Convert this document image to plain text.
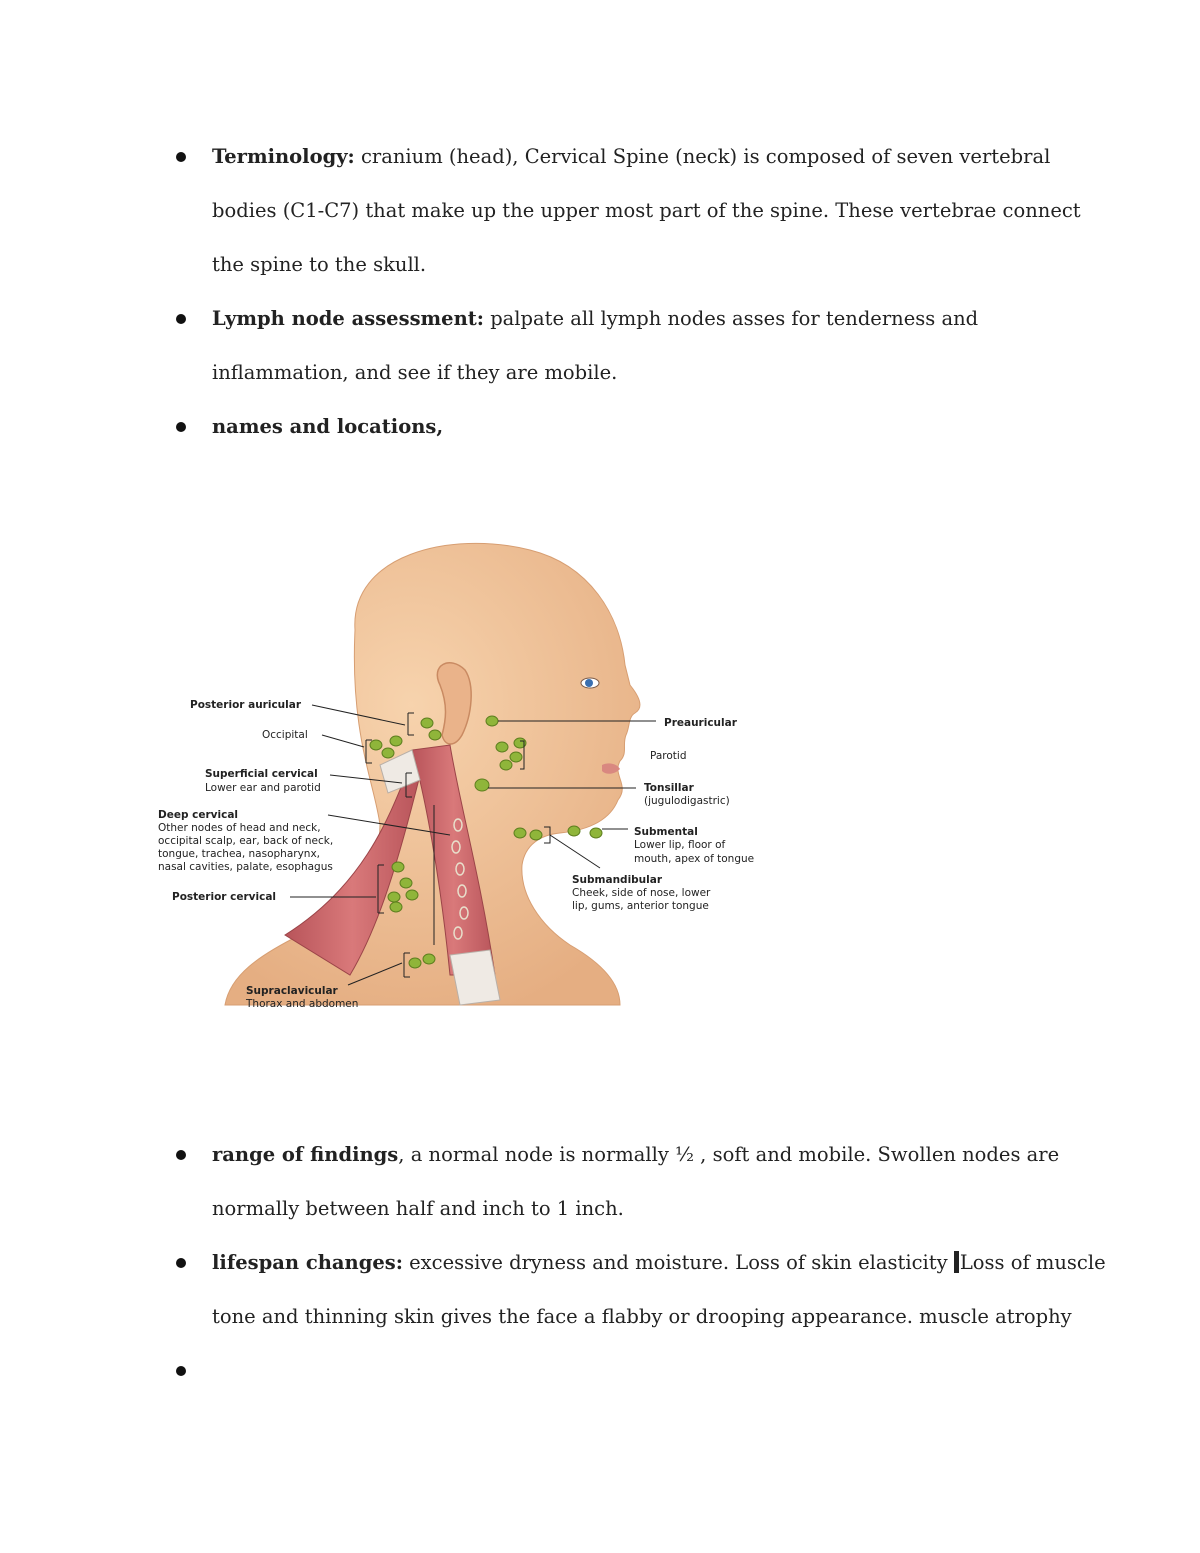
Terminology: cranium (head), Cervical Spine (neck) is composed of seven vertebral
bodies (C1-C7) that make up the upper most part of the spine. These vertebrae connect
the spine to the skull.
Lymph node assessment: palpate all lymph nodes asses for tenderness and
inflammation, and see if they are mobile.
names and locations,
Posterior auricular
Occipital
Superficial cervical
Lower ear and parotid
Deep cervical
Other nodes of head and neck,
occipital scalp, ear, back of neck,
tongue, trachea, nasopharynx,
nasal cavities, palate, esophagus
Posterior cervical
Supraclavicular
Thorax and abdomen
Preauricular
Parotid
Tonsillar
(jugulodigastric)
Submental
Lower lip, floor of
mouth, apex of tongue
Submandibular
Cheek, side of nose, lower
lip, gums, anterior tongue
range of findings, a normal node is normally ½ , soft and mobile. Swollen nodes are
normally between half and inch to 1 inch.
lifespan changes: excessive dryness and moisture. Loss of skin elasticity Loss of muscle
tone and thinning skin gives the face a flabby or drooping appearance. muscle atrophy
